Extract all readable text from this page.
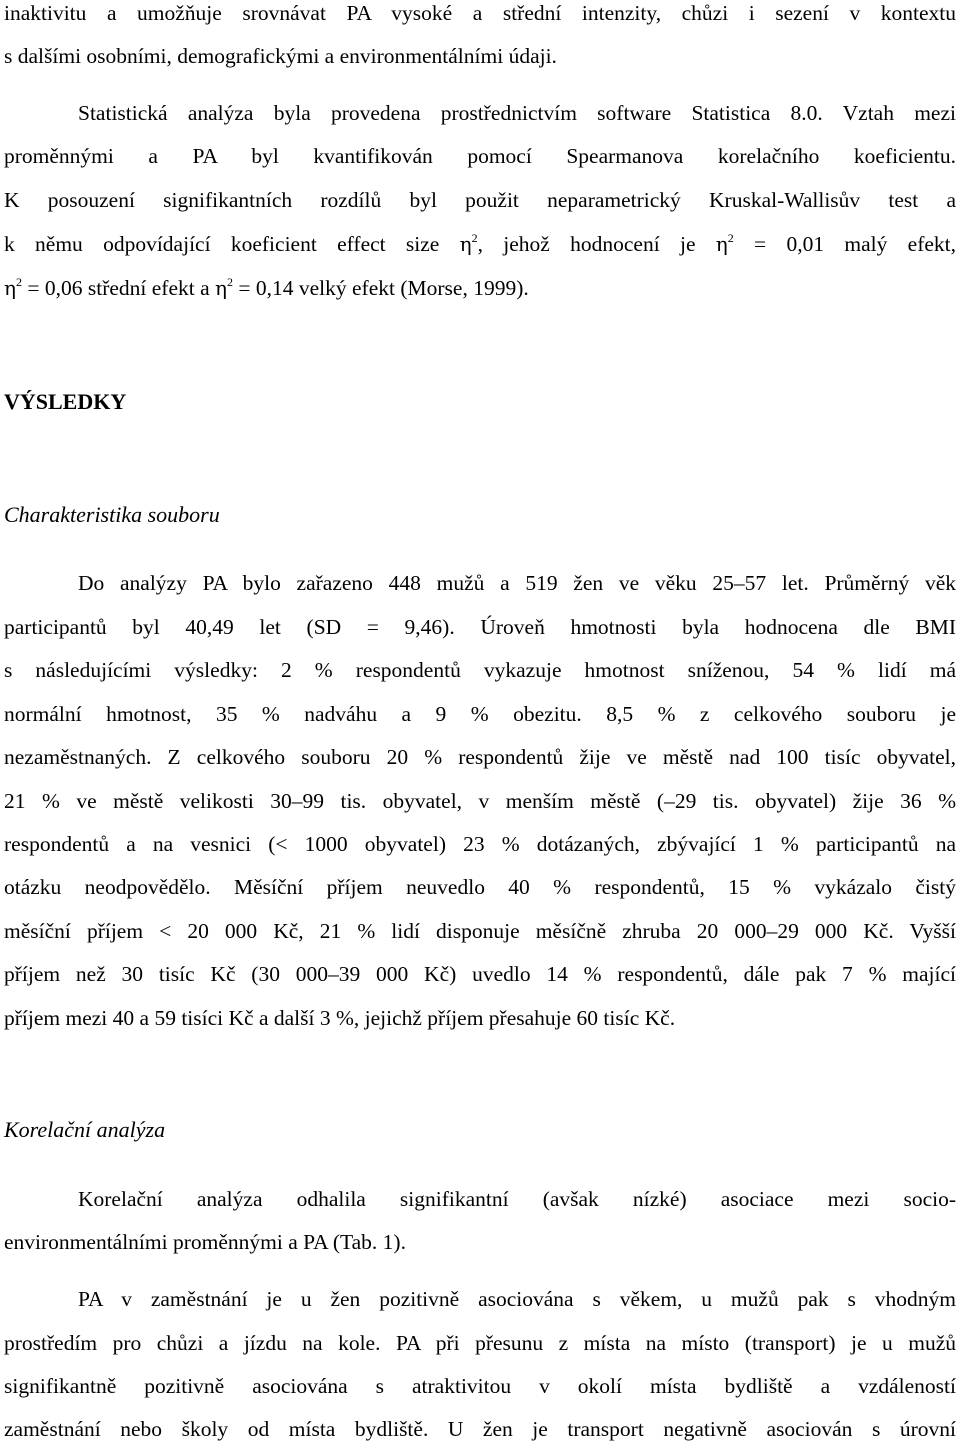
inaktivitu a umožňuje srovnávat PA vysoké a střední intenzity, chůzi i sezení v kontextu
s dalšími osobními, demografickými a environmentálními údaji.
Statistická analýza byla provedena prostřednictvím software Statistica 8.0. Vztah mezi
proměnnými a PA byl kvantifikován pomocí Spearmanova korelačního koeficientu.
K posouzení signifikantních rozdílů byl použit neparametrický Kruskal-Wallisův test a
k němu odpovídající koeficient effect size $\eta^2$, jehož hodnocení je $\eta^2 = 0,01$ malý efekt,
$\eta^2 = 0,06$ střední efekt a $\eta^2 = 0,14$ velký efekt (Morse, 1999).
VÝSLEDKY
Charakteristika souboru
Do analýzy PA bylo zařazeno 448 mužů a 519 žen ve věku 25–57 let. Průměrný věk
participantů byl 40,49 let (SD = 9,46). Úroveň hmotnosti byla hodnocena dle BMI
s následujícími výsledky: 2 % respondentů vykazuje hmotnost sníženou, 54 % lidí má
normální hmotnost, 35 % nadváhu a 9 % obezitu. 8,5 % z celkového souboru je
nezaměstnaných. Z celkového souboru 20 % respondentů žije ve městě nad 100 tisíc obyvatel,
21 % ve městě velikosti 30–99 tis. obyvatel, v menším městě (–29 tis. obyvatel) žije 36 %
respondentů a na vesnici (< 1000 obyvatel) 23 % dotázaných, zbývající 1 % participantů na
otázku neodpovědělo. Měsíční příjem neuvedlo 40 % respondentů, 15 % vykázalo čistý
měsíční příjem < 20 000 Kč, 21 % lidí disponuje měsíčně zhruba 20 000–29 000 Kč. Vyšší
příjem než 30 tisíc Kč (30 000–39 000 Kč) uvedlo 14 % respondentů, dále pak 7 % mající
příjem mezi 40 a 59 tisíci Kč a další 3 %, jejichž příjem přesahuje 60 tisíc Kč.
Korelační analýza
Korelační analýza odhalila signifikantní (avšak nízké) asociace mezi socio-
environmentálními proměnnými a PA (Tab. 1).
PA v zaměstnání je u žen pozitivně asociována s věkem, u mužů pak s vhodným
prostředím pro chůzi a jízdu na kole. PA při přesunu z místa na místo (transport) je u mužů
signifikantně pozitivně asociována s atraktivitou v okolí místa bydliště a vzdáleností
zaměstnání nebo školy od místa bydliště. U žen je transport negativně asociován s úrovní
